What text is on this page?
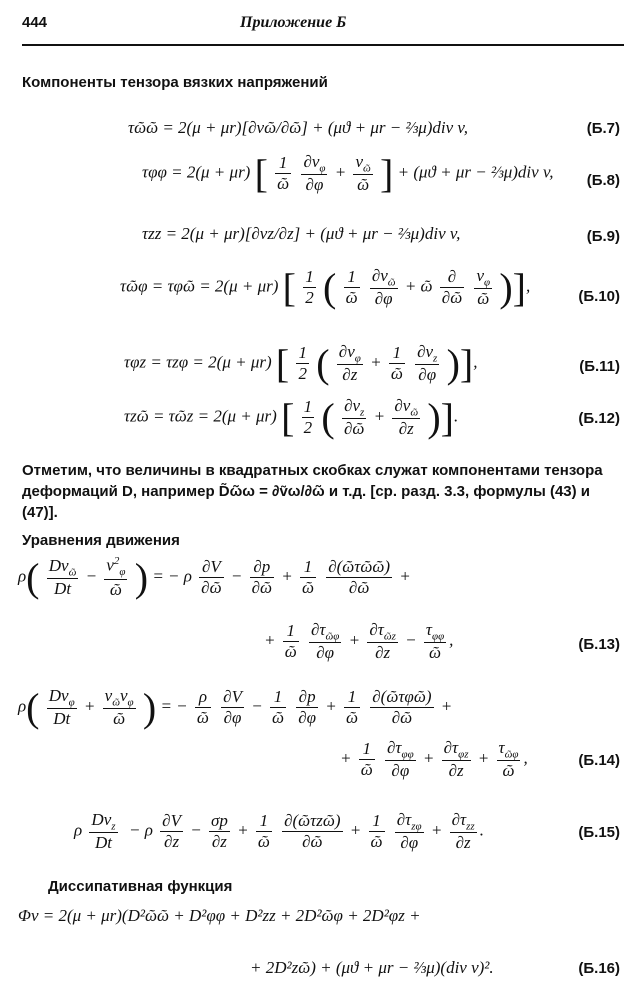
444	Приложение Б
Компоненты тензора вязких напряжений
τῶῶ = 2(μ + μr)[∂vῶ/∂ῶ] + (μϑ + μr − ⅔μ)div v,	(Б.7)
τφφ = 2(μ + μr) [ $\frac{1}{\text{ῶ}}$
$\frac{\partial v_\varphi}{\partial\varphi} + \frac{v_ῶ}{\text{ῶ}}$ ] + (μϑ + μr − ⅔μ)div v, (Б.8)
τzz = 2(μ + μr)[∂vz/∂z] + (μϑ + μr − ⅔μ)div v,	(Б.9)
τῶφ = τφῶ = 2(μ + μr) [ $\frac{1}{2}$ ( $\frac{1}{\text{ῶ}}$
$\frac{\partial v_ῶ}{\partial\varphi}$ + ῶ $\frac{\partial}{\text{∂ῶ}}$
$\frac{v_\varphi}{\text{ῶ}}$ )],
(Б.10)
τφz = τzφ = 2(μ + μr) [ $\frac{1}{2}$ ( $\frac{\partial v_\varphi}{\partial z} + \frac{1}{\text{ῶ}}$
$\frac{\partial v_z}{\partial\varphi}$ )],	(Б.11)
τzῶ = τῶz = 2(μ + μr) [ $\frac{1}{2}$ ( $\frac{\partial v_z}{\text{∂ῶ}} + \frac{\partial v_ῶ}{\partial z}$ )].	(Б.12)
Отметим, что величины в квадратных скобках служат компонентами тензора деформаций D, например D͂ῶω = ∂v͂ω/∂ῶ и т.д. [ср. разд. 3.3, формулы (43) и (47)].
Уравнения движения
$\rho( \frac{Dv_ῶ}{Dt} - \frac{v^2_\varphi}{\text{ῶ}}$ ) = − ρ $\frac{\partial V}{\text{∂ῶ}} - \frac{\partial p}{\text{∂ῶ}} + \frac{1}{\text{ῶ}}$
$\frac{\text{∂(ῶτῶῶ)}}{\text{∂ῶ}}$ +
+ $\frac{1}{\text{ῶ}}$
$\frac{\partial\tau_{ῶ\varphi}}{\partial\varphi} + \frac{\partial\tau_{ῶz}}{\partial z} - \frac{\tau_{\varphi\varphi}}{\text{ῶ}}$ ,	(Б.13)
$\rho( \frac{Dv_\varphi}{Dt} + \frac{v_ῶv_\varphi}{\text{ῶ}}$ ) = − $\frac{\rho}{\text{ῶ}}$
$\frac{\partial V}{\partial\varphi} - \frac{1}{\text{ῶ}}$
$\frac{\partial p}{\partial\varphi} + \frac{1}{\text{ῶ}}$
$\frac{\text{∂(ῶτφῶ)}}{\text{∂ῶ}}$ +
+ $\frac{1}{\text{ῶ}}$
$\frac{\partial\tau_{\varphi\varphi}}{\partial\varphi} + \frac{\partial\tau_{\varphi z}}{\partial z} + \frac{\tau_{ῶ\varphi}}{\text{ῶ}}$ ,	(Б.14)
ρ $\frac{Dv_z}{Dt} - \rho \frac{\partial V}{\partial z} - \frac{\sigma p}{\partial z} + \frac{1}{\text{ῶ}}$
$\frac{\text{∂(ῶτzῶ)}}{\text{∂ῶ}} + \frac{1}{\text{ῶ}}$
$\frac{\partial\tau_{z\varphi}}{\partial\varphi} + \frac{\partial\tau_{zz}}{\partial z}$ .	(Б.15)
Диссипативная функция
Φv = 2(μ + μr)(D²ῶῶ + D²φφ + D²zz + 2D²ῶφ + 2D²φz +
+ 2D²zῶ) + (μϑ + μr − ⅔μ)(div v)².	(Б.16)
